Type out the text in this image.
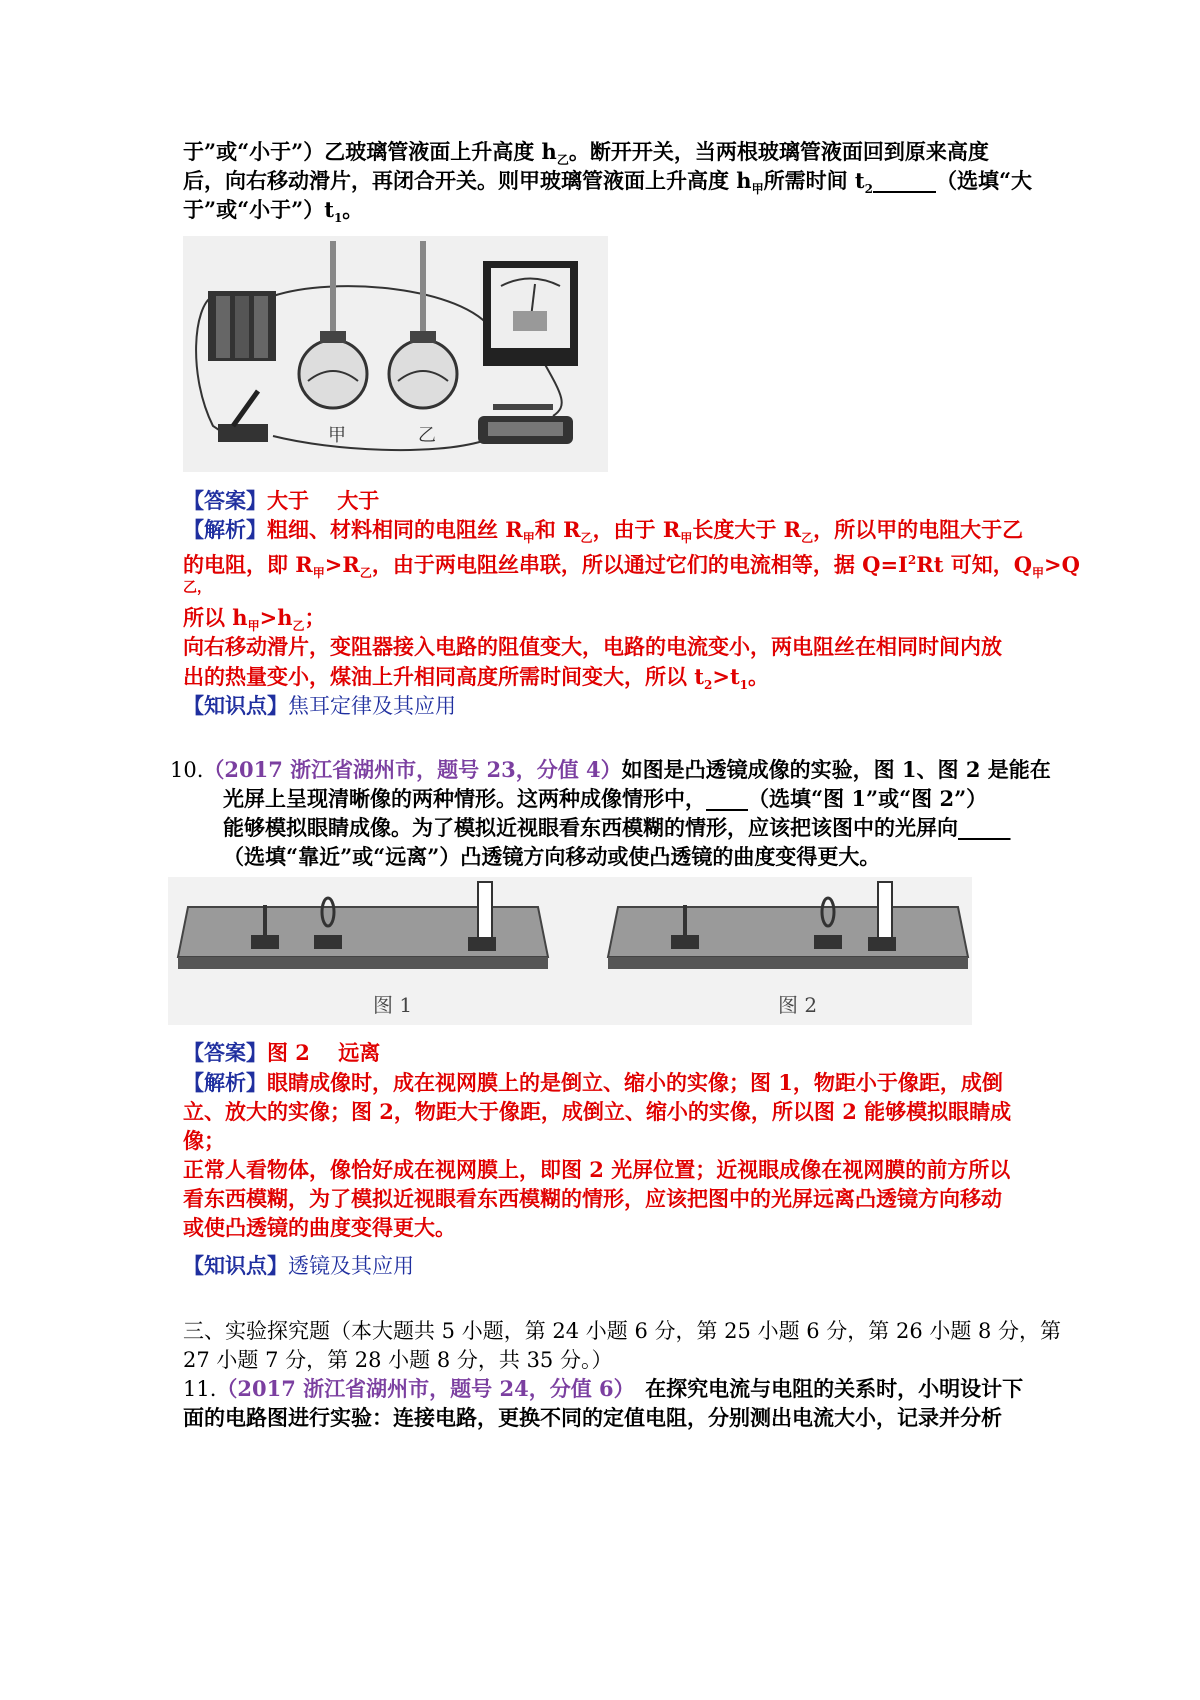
于”或“小于”）乙玻璃管液面上升高度 $h_乙$。断开开关，当两根玻璃管液面回到原来高度
后，向右移动滑片，再闭合开关。则甲玻璃管液面上升高度 $h_甲$所需时间 $t_2\_\_\_\_\_\_$（选填“大
于”或“小于$”)t_1$。
甲	乙
【答案】大于　 大于
【解析】粗细、材料相同的电阻丝 $R_甲$和 $R_乙$，由于 $R_甲$长度大于 $R_乙$，所以甲的电阻大于乙
的电阻，即 $R_甲>R_乙$，由于两电阻丝串联，所以通过它们的电流相等，据 $Q=I^2Rt$ 可知，$Q_甲>Q$
乙，
所以 $h_甲>h_乙$；
向右移动滑片，变阻器接入电路的阻值变大，电路的电流变小，两电阻丝在相同时间内放
出的热量变小，煤油上升相同高度所需时间变大，所以 $t_2>t_1$。
【知识点】焦耳定律及其应用
10.（2017 浙江省湖州市，题号 23，分值 4）如图是凸透镜成像的实验，图 1、图 2 是能在
光屏上呈现清晰像的两种情形。这两种成像情形中，____（选填“图 1”或“图 2”）
能够模拟眼睛成像。为了模拟近视眼看东西模糊的情形，应该把该图中的光屏向_____
（选填“靠近”或“远离”）凸透镜方向移动或使凸透镜的曲度变得更大。
图 1	图 2
【答案】图 2　 远离
【解析】眼睛成像时，成在视网膜上的是倒立、缩小的实像；图 1，物距小于像距，成倒
立、放大的实像；图 2，物距大于像距，成倒立、缩小的实像，所以图 2 能够模拟眼睛成
像；
正常人看物体，像恰好成在视网膜上，即图 2 光屏位置；近视眼成像在视网膜的前方所以
看东西模糊，为了模拟近视眼看东西模糊的情形，应该把图中的光屏远离凸透镜方向移动
或使凸透镜的曲度变得更大。
【知识点】透镜及其应用
三、实验探究题（本大题共 5 小题，第 24 小题 6 分，第 25 小题 6 分，第 26 小题 8 分，第
27 小题 7 分，第 28 小题 8 分，共 35 分。）
11.（2017 浙江省湖州市，题号 24，分值 6）　在探究电流与电阻的关系时，小明设计下
面的电路图进行实验：连接电路，更换不同的定值电阻，分别测出电流大小，记录并分析
